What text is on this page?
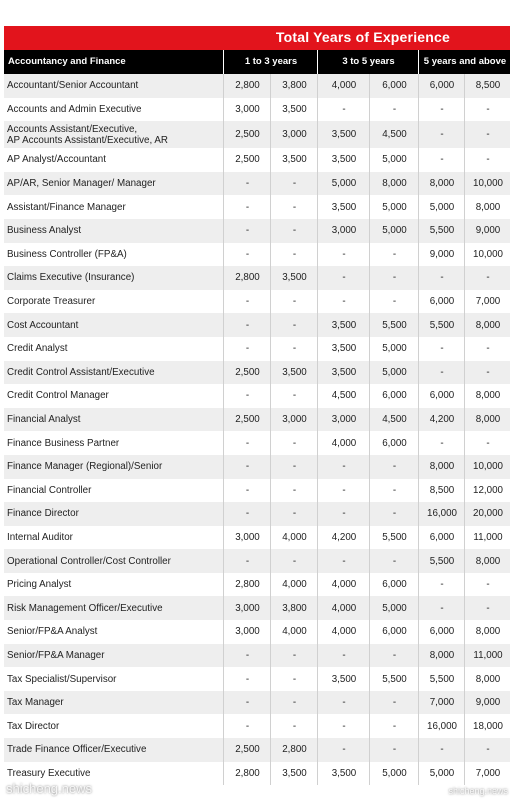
Total Years of Experience
Accountancy and Finance	1 to 3 years	3 to 5 years	5 years and above
Accountant/Senior Accountant	2,800	3,800	4,000	6,000	6,000	8,500
Accounts and Admin Executive	3,000	3,500	-	-	-	-
Accounts Assistant/Executive,
AP Accounts Assistant/Executive, AR	2,500	3,000	3,500	4,500	-	-
AP Analyst/Accountant	2,500	3,500	3,500	5,000	-	-
AP/AR, Senior Manager/ Manager	-	-	5,000	8,000	8,000	10,000
Assistant/Finance Manager	-	-	3,500	5,000	5,000	8,000
Business Analyst	-	-	3,000	5,000	5,500	9,000
Business Controller (FP&A)	-	-	-	-	9,000	10,000
Claims Executive (Insurance)	2,800	3,500	-	-	-	-
Corporate Treasurer	-	-	-	-	6,000	7,000
Cost Accountant	-	-	3,500	5,500	5,500	8,000
Credit Analyst	-	-	3,500	5,000	-	-
Credit Control Assistant/Executive	2,500	3,500	3,500	5,000	-	-
Credit Control Manager	-	-	4,500	6,000	6,000	8,000
Financial Analyst	2,500	3,000	3,000	4,500	4,200	8,000
Finance Business Partner	-	-	4,000	6,000	-	-
Finance Manager (Regional)/Senior	-	-	-	-	8,000	10,000
Financial Controller	-	-	-	-	8,500	12,000
Finance Director	-	-	-	-	16,000	20,000
Internal Auditor	3,000	4,000	4,200	5,500	6,000	11,000
Operational Controller/Cost Controller	-	-	-	-	5,500	8,000
Pricing Analyst	2,800	4,000	4,000	6,000	-	-
Risk Management Officer/Executive	3,000	3,800	4,000	5,000	-	-
Senior/FP&A Analyst	3,000	4,000	4,000	6,000	6,000	8,000
Senior/FP&A Manager	-	-	-	-	8,000	11,000
Tax Specialist/Supervisor	-	-	3,500	5,500	5,500	8,000
Tax Manager	-	-	-	-	7,000	9,000
Tax Director	-	-	-	-	16,000	18,000
Trade Finance Officer/Executive	2,500	2,800	-	-	-	-
Treasury Executive	2,800	3,500	3,500	5,000	5,000	7,000
shicheng.news	shicheng.news
